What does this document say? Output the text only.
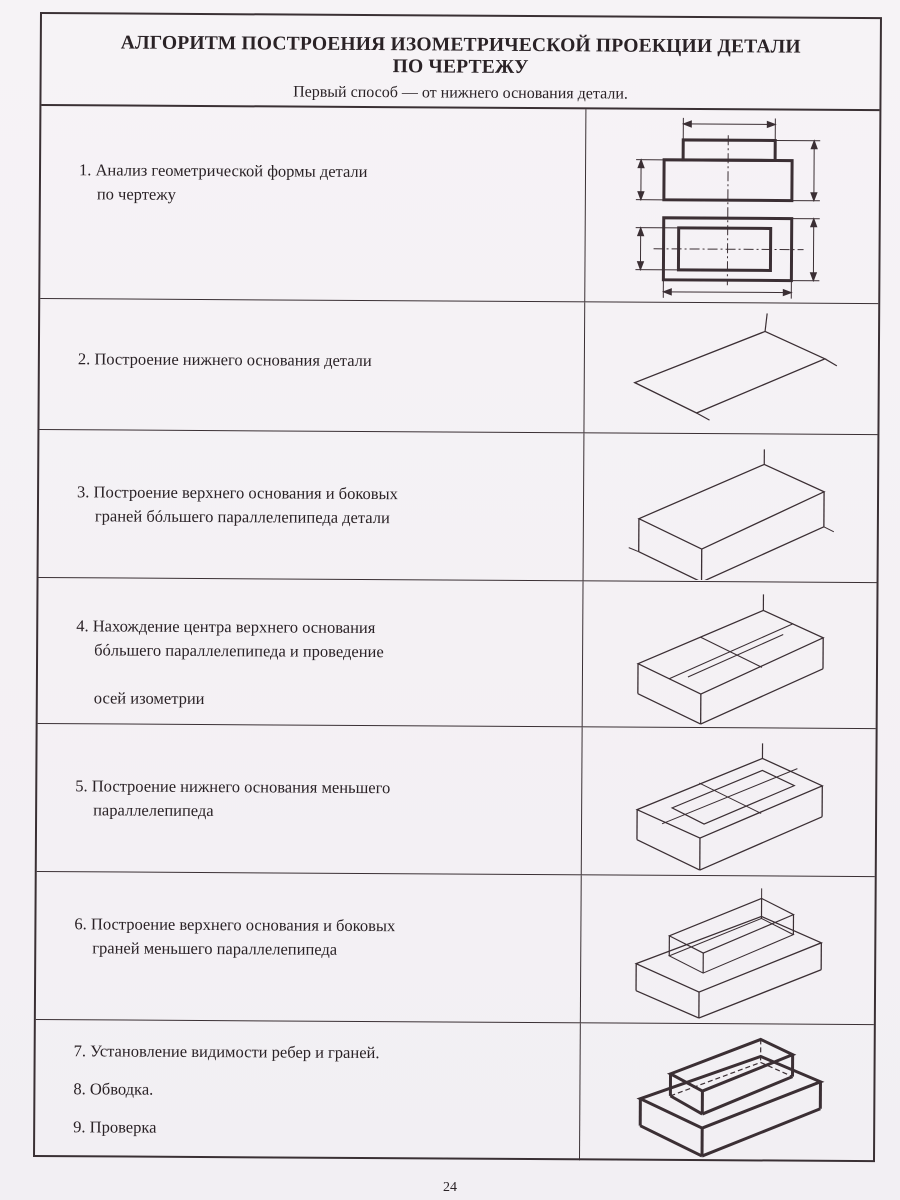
АЛГОРИТМ ПОСТРОЕНИЯ ИЗОМЕТРИЧЕСКОЙ ПРОЕКЦИИ ДЕТАЛИ
ПО ЧЕРТЕЖУ
Первый способ — от нижнего основания детали.
1. Анализ геометрической формы детали

по чертежу
2. Построение нижнего основания детали
3. Построение верхнего основания и боковых

граней бóльшего параллелепипеда детали
4. Нахождение центра верхнего основания

бóльшего параллелепипеда и проведение

осей изометрии
5. Построение нижнего основания меньшего

параллелепипеда
6. Построение верхнего основания и боковых

граней меньшего параллелепипеда
7. Установление видимости ребер и граней.
8. Обводка.
9. Проверка
24
